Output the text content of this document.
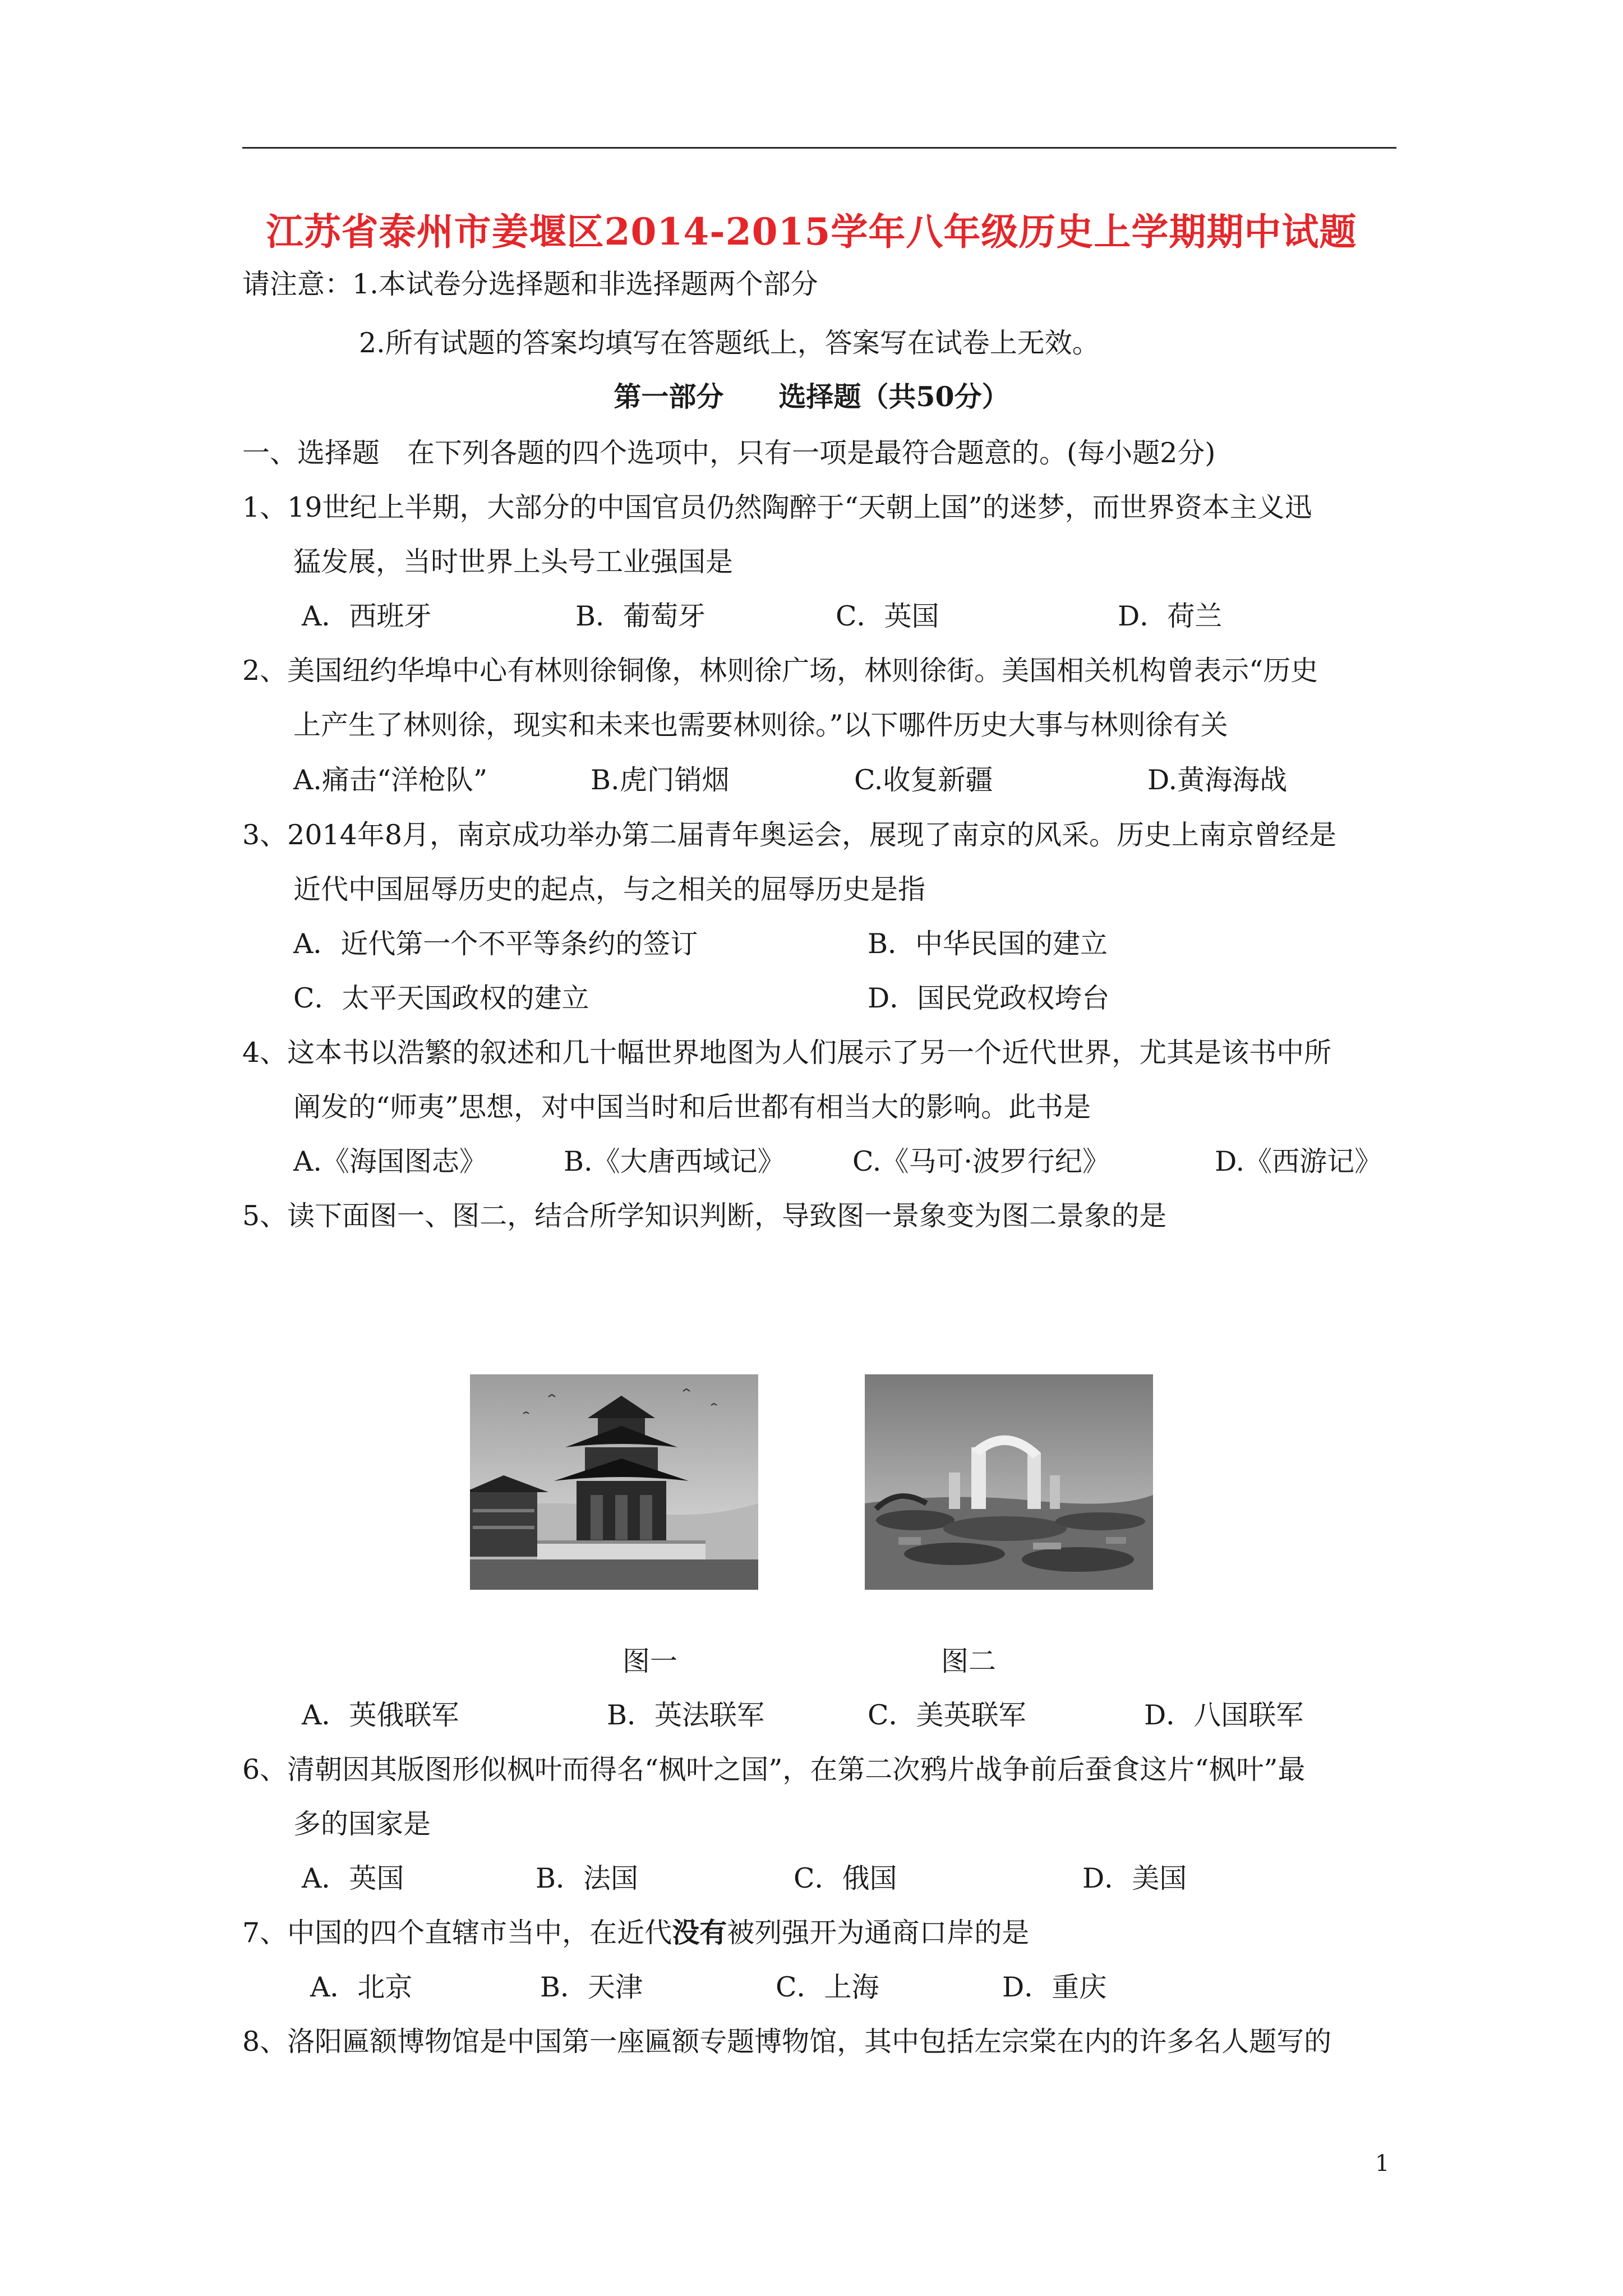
江苏省泰州市姜堰区2014-2015学年八年级历史上学期期中试题
请注意：1.本试卷分选择题和非选择题两个部分
2.所有试题的答案均填写在答题纸上，答案写在试卷上无效。
第一部分　　选择题（共50分）
一、选择题　在下列各题的四个选项中，只有一项是最符合题意的。(每小题2分)
1、19世纪上半期，大部分的中国官员仍然陶醉于“天朝上国”的迷梦，而世界资本主义迅
猛发展，当时世界上头号工业强国是
A．西班牙	B．葡萄牙	C．英国	D．荷兰
2、美国纽约华埠中心有林则徐铜像，林则徐广场，林则徐街。美国相关机构曾表示“历史
上产生了林则徐，现实和未来也需要林则徐。”以下哪件历史大事与林则徐有关
A.痛击“洋枪队”	B.虎门销烟	C.收复新疆	D.黄海海战
3、2014年8月，南京成功举办第二届青年奥运会，展现了南京的风采。历史上南京曾经是
近代中国屈辱历史的起点，与之相关的屈辱历史是指
A．近代第一个不平等条约的签订	B．中华民国的建立
C．太平天国政权的建立	D．国民党政权垮台
4、这本书以浩繁的叙述和几十幅世界地图为人们展示了另一个近代世界，尤其是该书中所
阐发的“师夷”思想，对中国当时和后世都有相当大的影响。此书是
A.《海国图志》	B.《大唐西域记》 C.《马可·波罗行纪》	D.《西游记》
5、读下面图一、图二，结合所学知识判断，导致图一景象变为图二景象的是
图一	图二
A．英俄联军	B．英法联军	C．美英联军	D．八国联军
6、清朝因其版图形似枫叶而得名“枫叶之国”，在第二次鸦片战争前后蚕食这片“枫叶”最
多的国家是
A．英国	B．法国	C．俄国	D．美国
7、中国的四个直辖市当中，在近代没有被列强开为通商口岸的是
A．北京	B．天津	C．上海	D．重庆
8、洛阳匾额博物馆是中国第一座匾额专题博物馆，其中包括左宗棠在内的许多名人题写的
1
